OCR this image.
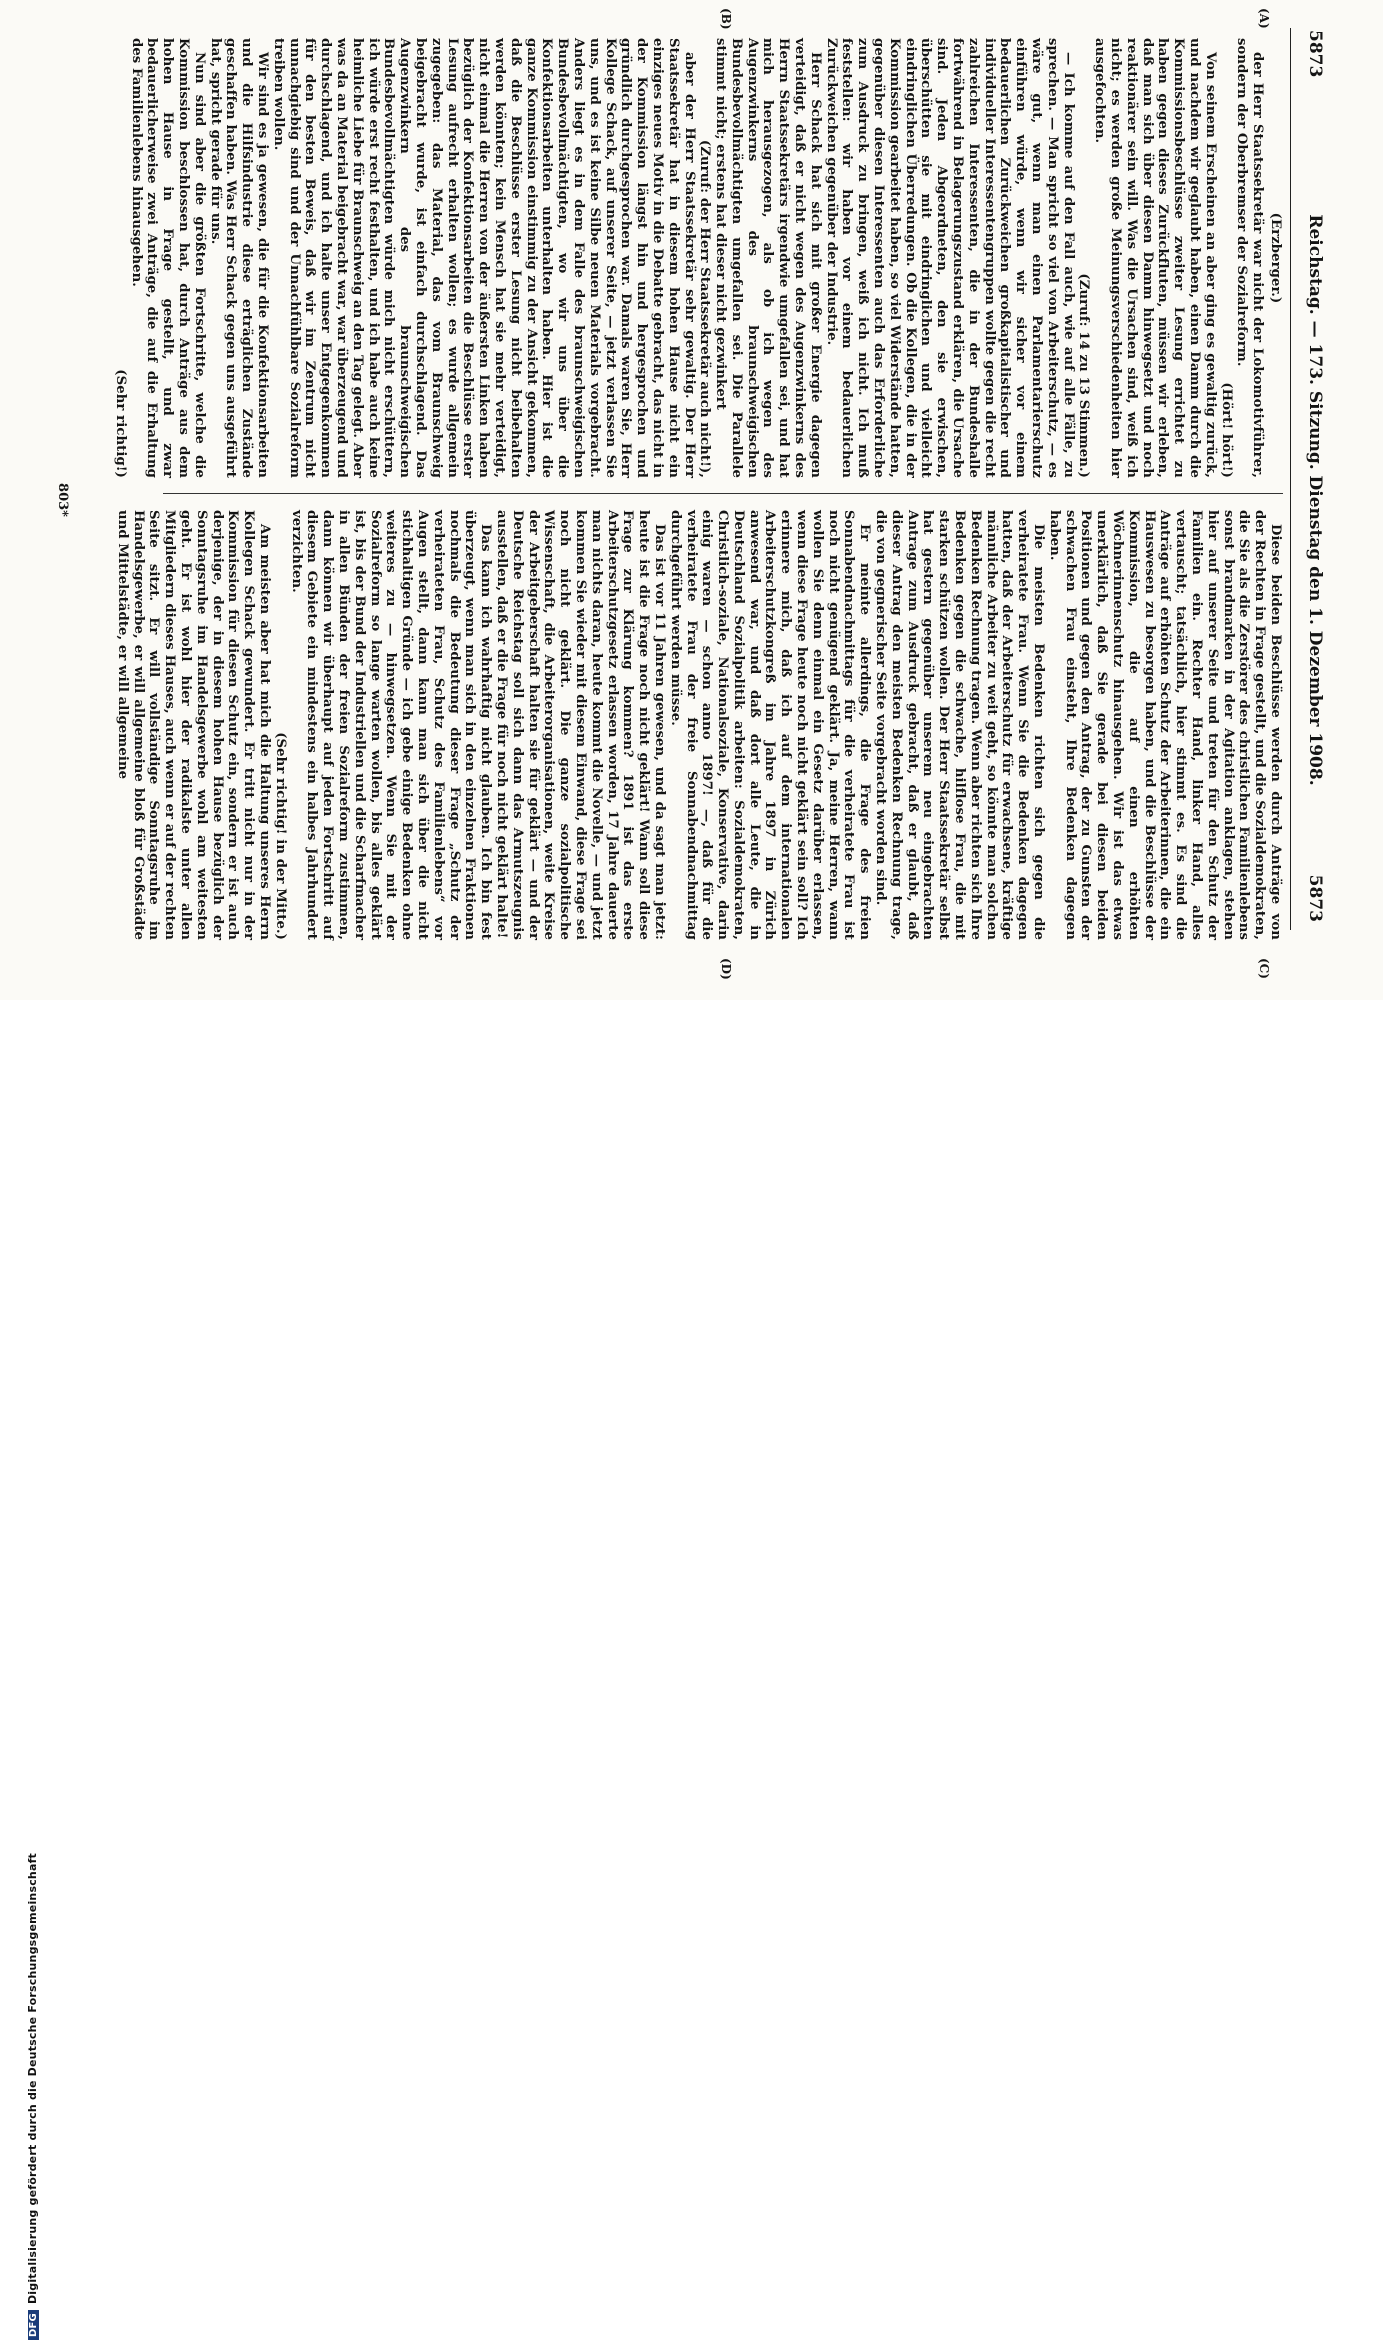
5873
Reichstag. — 173. Sitzung. Dienstag den 1. Dezember 1908.
5873

(Erzberger.)

der Herr Staatssekretär war nicht der Lokomotivführer, sondern der Oberbremser der Sozialreform.

(Hört! hört!)

Von seinem Erscheinen an aber ging es gewaltig zurück, und nachdem wir geglaubt haben, einen Damm durch die Kommissionsbeschlüsse zweiter Lesung errichtet zu haben gegen dieses Zurückfluten, müssen wir erleben, daß man sich über diesen Damm hinwegsetzt und noch reaktionärer sein will. Was die Ursachen sind, weiß ich nicht; es werden große Meinungsverschiedenheiten hier ausgefochten.

(Zuruf: 14 zu 13 Stimmen.)

— Ich komme auf den Fall auch, wie auf alle Fälle, zu sprechen. — Man spricht so viel von Arbeiterschutz, — es wäre gut, wenn man einen Parlamentarierschutz einführen würde, wenn wir sicher vor einem bedauerlichen Zurückweichen großkapitalistischer und individueller Interessentengruppen wollte gegen die recht zahlreichen Interessenten, die in der Bundeshalle fortwährend in Belagerungszustand erklären, die Ursache sind. Jeden Abgeordneten, den sie erwischen, überschütten sie mit eindringlichen und vielleicht eindringlichen Überredungen. Ob die Kollegen, die in der Kommission gearbeitet haben, so viel Widerstände hatten, gegenüber diesen Interessenten auch das Erforderliche zum Ausdruck zu bringen, weiß ich nicht. Ich muß feststellen: wir haben vor einem bedauerlichen Zurückweichen gegenüber der Industrie.

Herr Schack hat sich mit großer Energie dagegen verteidigt, daß er nicht wegen des Augenzwinkerns des Herrn Staatssekretärs irgendwie umgefallen sei, und hat mich herausgezogen, als ob ich wegen des Augenzwinkerns des braunschweigischen Bundesbevollmächtigten umgefallen sei. Die Parallele stimmt nicht; erstens hat dieser nicht gezwinkert

(Zuruf: der Herr Staatssekretär auch nicht!),

aber der Herr Staatssekretär sehr gewaltig. Der Herr Staatssekretär hat in diesem hohen Hause nicht ein einziges neues Motiv in die Debatte gebracht, das nicht in der Kommission längst hin und hergesprochen und gründlich durchgesprochen war. Damals waren Sie, Herr Kollege Schack, auf unserer Seite, — jetzt verlassen Sie uns, und es ist keine Silbe neuen Materials vorgebracht. Anders liegt es in dem Falle des braunschweigischen Bundesbevollmächtigten, wo wir uns über die Konfektionsarbeiten unterhalten haben. Hier ist die ganze Kommission einstimmig zu der Ansicht gekommen, daß die Beschlüsse erster Lesung nicht beibehalten werden könnten; kein Mensch hat sie mehr verteidigt, nicht einmal die Herren von der äußersten Linken haben bezüglich der Konfektionsarbeiten die Beschlüsse erster Lesung aufrecht erhalten wollen; es wurde allgemein zugegeben: das Material, das vom Braunschweig beigebracht wurde, ist einfach durchschlagend. Das Augenzwinkern des braunschweigischen Bundesbevollmächtigten würde mich nicht erschüttern, ich würde erst recht festhalten, und ich habe auch keine heimliche Liebe für Braunschweig an den Tag gelegt. Aber was da an Material beigebracht war, war überzeugend und durchschlagend, und ich halte unser Entgegenkommen für den besten Beweis, daß wir im Zentrum nicht unnachgiebig sind und der Unnachfühlbare Sozialreform treiben wollen.

Wir sind es ja gewesen, die für die Konfektionsarbeiten und die Hilfsindustrie diese erträglichen Zustände geschaffen haben. Was Herr Schack gegen uns ausgeführt hat, spricht gerade für uns.

Nun sind aber die größten Fortschritte, welche die Kommission beschlossen hat, durch Anträge aus dem hohen Hause in Frage gestellt, und zwar bedauerlicherweise zwei Anträge, die auf die Erhaltung des Familienlebens hinausgehen.

(Sehr richtig!)

Diese beiden Beschlüsse werden durch Anträge von der Rechten in Frage gestellt, und die Sozialdemokraten, die Sie als die Zerstörer des christlichen Familienlebens sonst brandmarken in der Agitation anklagen, stehen hier auf unserer Seite und treten für den Schutz der Familien ein. Rechter Hand, linker Hand, alles vertauscht; tatsächlich, hier stimmt es. Es sind die Anträge auf erhöhten Schutz der Arbeiterinnen, die ein Hauswesen zu besorgen haben, und die Beschlüsse der Kommission, die auf einen erhöhten Wöchnerinnenschutz hinausgehen. Wir ist das etwas unerklärlich, daß Sie gerade bei diesen beiden Positionen und gegen den Antrag, der zu Gunsten der schwachen Frau einsteht, Ihre Bedenken dagegen haben.

Die meisten Bedenken richten sich gegen die verheiratete Frau. Wenn Sie die Bedenken dagegen hatten, daß der Arbeiterschutz für erwachsene, kräftige männliche Arbeiter zu weit geht, so könnte man solchen Bedenken Rechnung tragen. Wenn aber richten sich Ihre Bedenken gegen die schwache, hilflose Frau, die mit starken schützen wollen. Der Herr Staatssekretär selbst hat gestern gegenüber unserem neu eingebrachten Antrage zum Ausdruck gebracht, daß er glaubt, daß dieser Antrag den meisten Bedenken Rechnung trage, die von gegnerischer Seite vorgebracht worden sind.

Er meinte allerdings, die Frage des freien Sonnabendnachmittags für die verheiratete Frau ist noch nicht genügend geklärt. Ja, meine Herren, wann wollen Sie denn einmal ein Gesetz darüber erlassen, wenn diese Frage heute noch nicht geklärt sein soll? Ich erinnere mich, daß ich auf dem internationalen Arbeiterschutzkongreß im Jahre 1897 in Zürich anwesend war, und daß dort alle Leute, die in Deutschland Sozialpolitik arbeiten: Sozialdemokraten, Christlich-soziale, Nationalsoziale, Konservative, darin einig waren — schon anno 1897! —, daß für die verheiratete Frau der freie Sonnabendnachmittag durchgeführt werden müsse.

Das ist vor 11 Jahren gewesen, und da sagt man jetzt: heute ist die Frage noch nicht geklärt! Wann soll diese Frage zur Klärung kommen? 1891 ist das erste Arbeiterschutzgesetz erlassen worden, 17 Jahre dauerte man nichts daran, heute kommt die Novelle, — und jetzt kommen Sie wieder mit diesem Einwand, diese Frage sei noch nicht geklärt. Die ganze sozialpolitische Wissenschaft, die Arbeiterorganisationen, weite Kreise der Arbeitgeberschaft halten sie für geklärt — und der Deutsche Reichstag soll sich dann das Armutszeugnis ausstellen, daß er die Frage für noch nicht geklärt halte!

Das kann ich wahrhaftig nicht glauben. Ich bin fest überzeugt, wenn man sich in den einzelnen Fraktionen nochmals die Bedeutung dieser Frage „Schutz der verheirateten Frau, Schutz des Familienlebens“ vor Augen stellt, dann kann man sich über die nicht stichhaltigen Gründe — ich gebe einige Bedenken ohne weiteres zu — hinwegsetzen. Wenn Sie mit der Sozialreform so lange warten wollen, bis alles geklärt ist, bis der Bund der Industriellen und die Scharfmacher in allen Bünden der freien Sozialreform zustimmen, dann können wir überhaupt auf jeden Fortschritt auf diesem Gebiete ein mindestens ein halbes Jahrhundert verzichten.

(Sehr richtig! in der Mitte.)

Am meisten aber hat mich die Haltung unseres Herrn Kollegen Schack gewundert. Er tritt nicht nur in der Kommission für diesen Schutz ein, sondern er ist auch derjenige, der in diesem hohen Hause bezüglich der Sonntagsruhe im Handelsgewerbe wohl am weitesten geht. Er ist wohl hier der radikalste unter allen Mitgliedern dieses Hauses, auch wenn er auf der rechten Seite sitzt. Er will vollständige Sonntagsruhe im Handelsgewerbe, er will allgemeine bloß für Großstädte und Mittelstädte, er will allgemeine

(A)
(B)
(C)
(D)
803*
DFGDigitalisierung gefördert durch die Deutsche Forschungsgemeinschaft
